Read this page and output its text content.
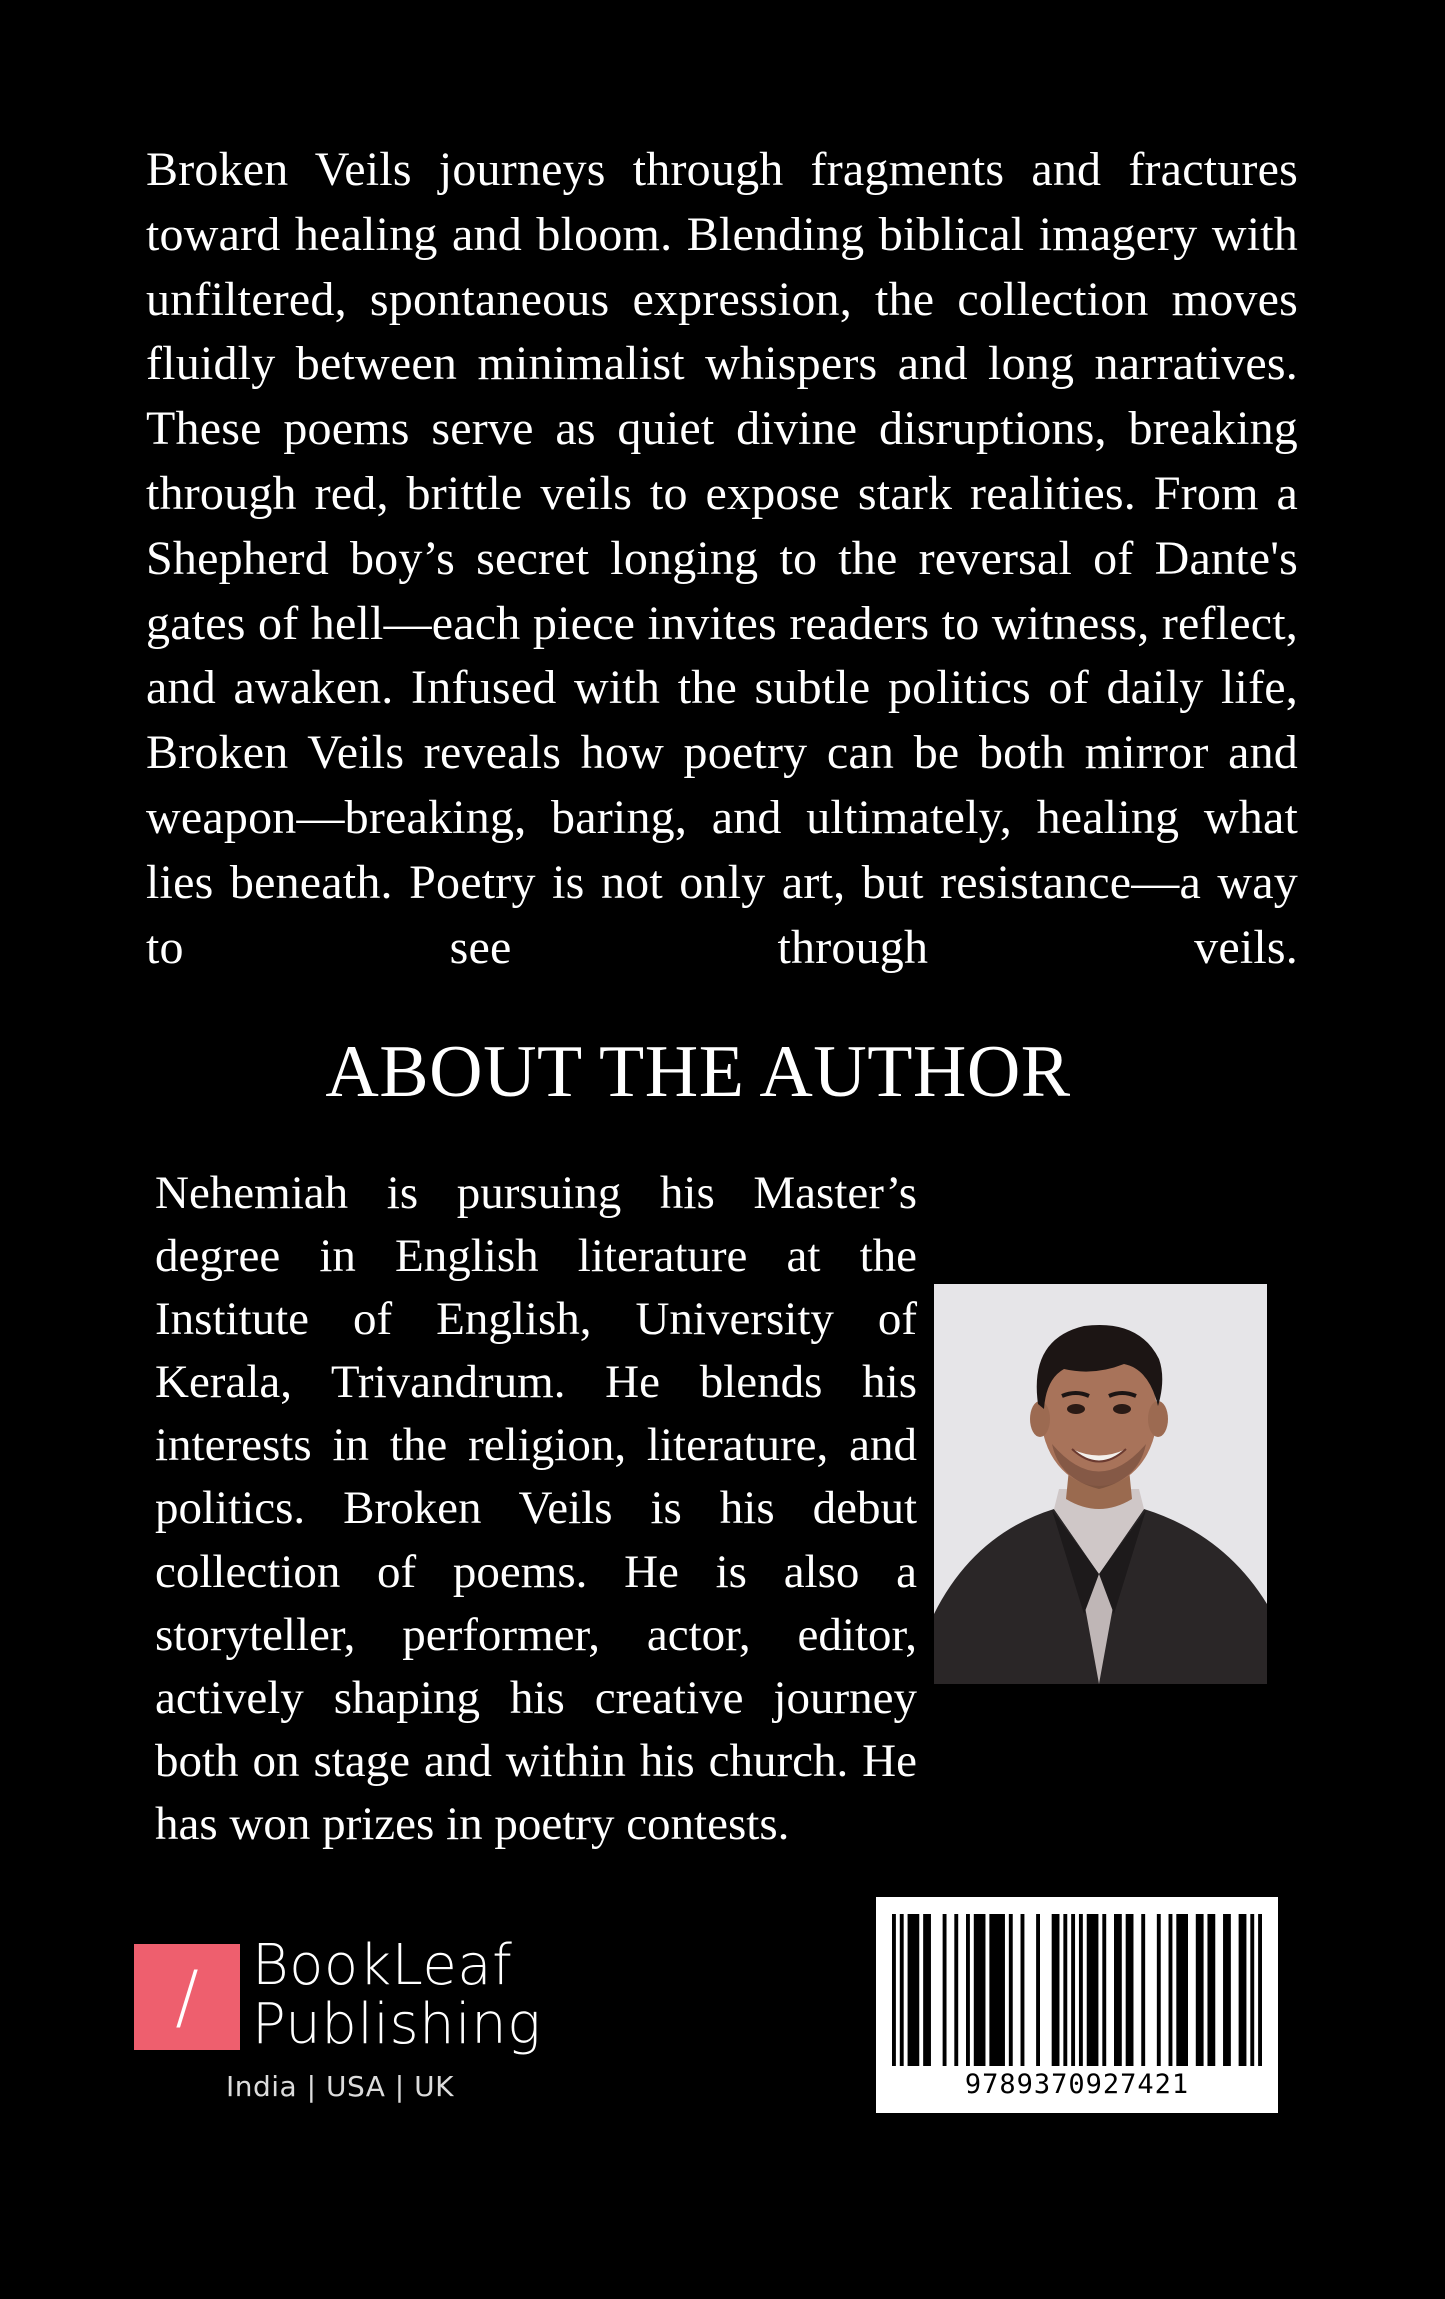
Broken Veils journeys through fragments and fractures toward healing and bloom. Blending biblical imagery with unfiltered, spontaneous expression, the collection moves fluidly between minimalist whispers and long narratives. These poems serve as quiet divine disruptions, breaking through red, brittle veils to expose stark realities. From a Shepherd boy’s secret longing to the reversal of Dante's gates of hell—each piece invites readers to witness, reflect, and awaken. Infused with the subtle politics of daily life, Broken Veils reveals how poetry can be both mirror and weapon—breaking, baring, and ultimately, healing what lies beneath. Poetry is not only art, but resistance—a way to see through veils.

ABOUT THE AUTHOR

Nehemiah is pursuing his Master’s degree in English literature at the Institute of English, University of Kerala, Trivandrum. He blends his interests in the religion, literature, and politics. Broken Veils is his debut collection of poems. He is also a storyteller, performer, actor, editor, actively shaping his creative journey both on stage and within his church. He has won prizes in poetry contests.

/ BookLeaf
Publishing
India | USA | UK	9789370927421
